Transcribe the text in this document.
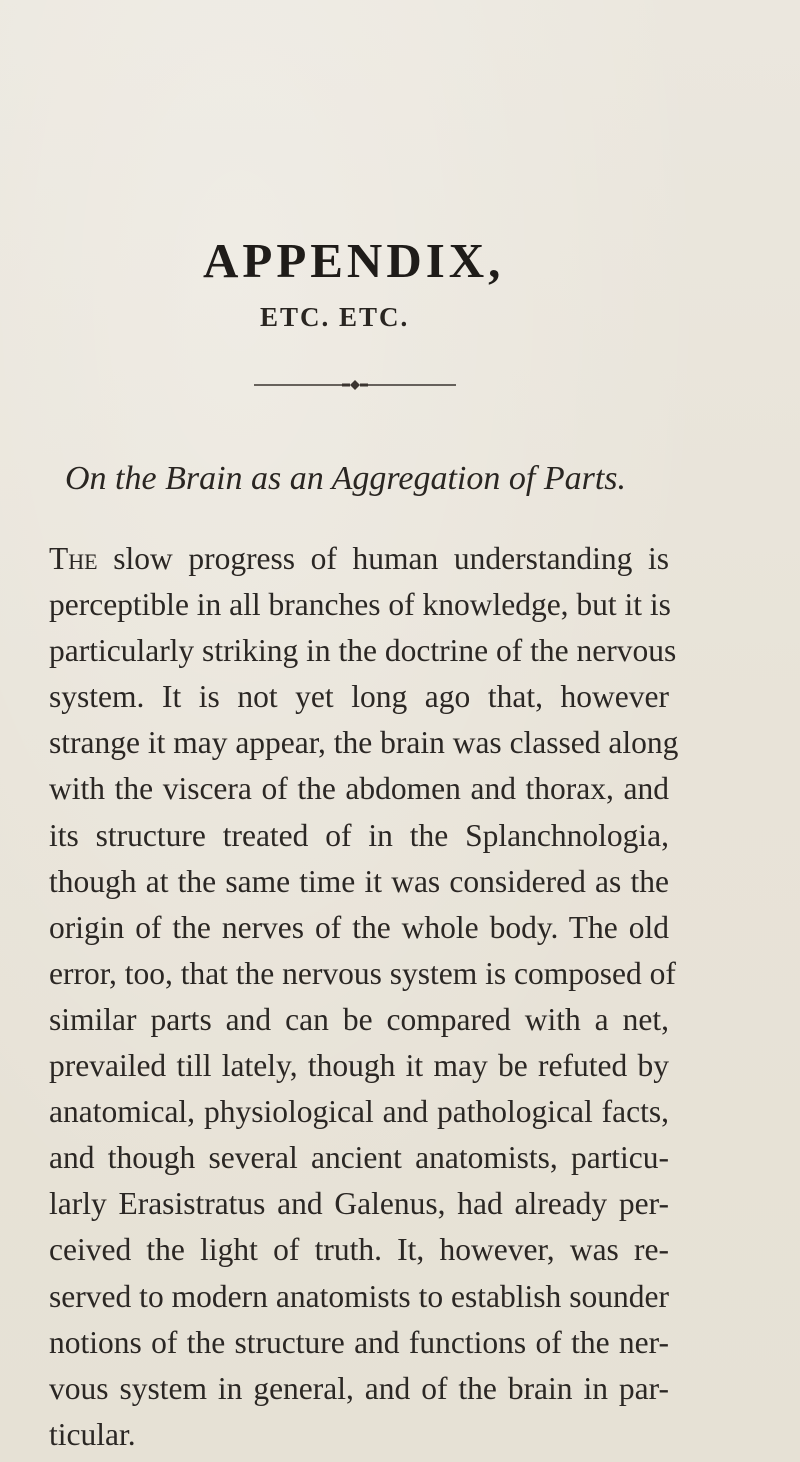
APPENDIX,
ETC. ETC.
On the Brain as an Aggregation of Parts.
The slow progress of human understanding is
perceptible in all branches of knowledge, but it is
particularly striking in the doctrine of the nervous
system. It is not yet long ago that, however
strange it may appear, the brain was classed along
with the viscera of the abdomen and thorax, and
its structure treated of in the Splanchnologia,
though at the same time it was considered as the
origin of the nerves of the whole body. The old
error, too, that the nervous system is composed of
similar parts and can be compared with a net,
prevailed till lately, though it may be refuted by
anatomical, physiological and pathological facts,
and though several ancient anatomists, particu-
larly Erasistratus and Galenus, had already per-
ceived the light of truth. It, however, was re-
served to modern anatomists to establish sounder
notions of the structure and functions of the ner-
vous system in general, and of the brain in par-
ticular.
